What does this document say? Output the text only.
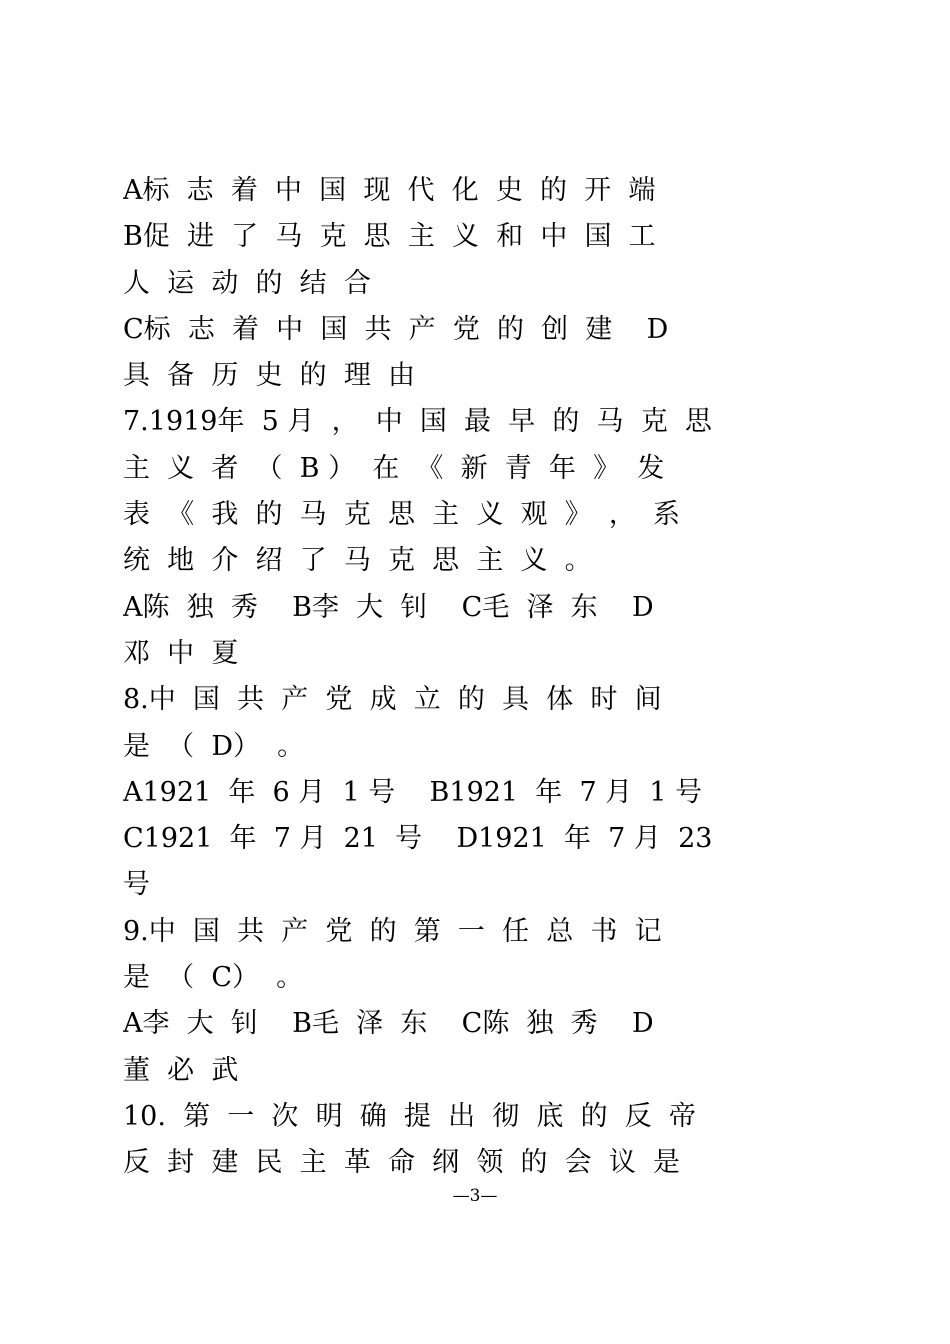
A标  志  着  中  国  现  代  化  史  的  开  端
B促  进  了  马  克  思  主  义  和  中  国  工
人  运  动  的  结  合
C标  志  着  中  国  共  产  党  的  创  建    D
具  备  历  史  的  理  由
7.1919年  5 月  ，  中  国  最  早  的  马  克  思
主  义  者  （  B ）  在  《  新  青  年  》  发
表  《  我  的  马  克  思  主  义  观  》  ，  系
统  地  介  绍  了  马  克  思  主  义  。
A陈  独  秀    B李  大  钊    C毛  泽  东    D
邓  中  夏
8.中  国  共  产  党  成  立  的  具  体  时  间
是  （  D）  。
A1921  年  6 月  1 号    B1921  年  7 月  1 号
C1921  年  7 月  21  号    D1921  年  7 月  23
号
9.中  国  共  产  党  的  第  一  任  总  书  记
是  （  C）  。
A李  大  钊    B毛  泽  东    C陈  独  秀    D
董  必  武
10.  第  一  次  明  确  提  出  彻  底  的  反  帝
反  封  建  民  主  革  命  纲  领  的  会  议  是
—3—
